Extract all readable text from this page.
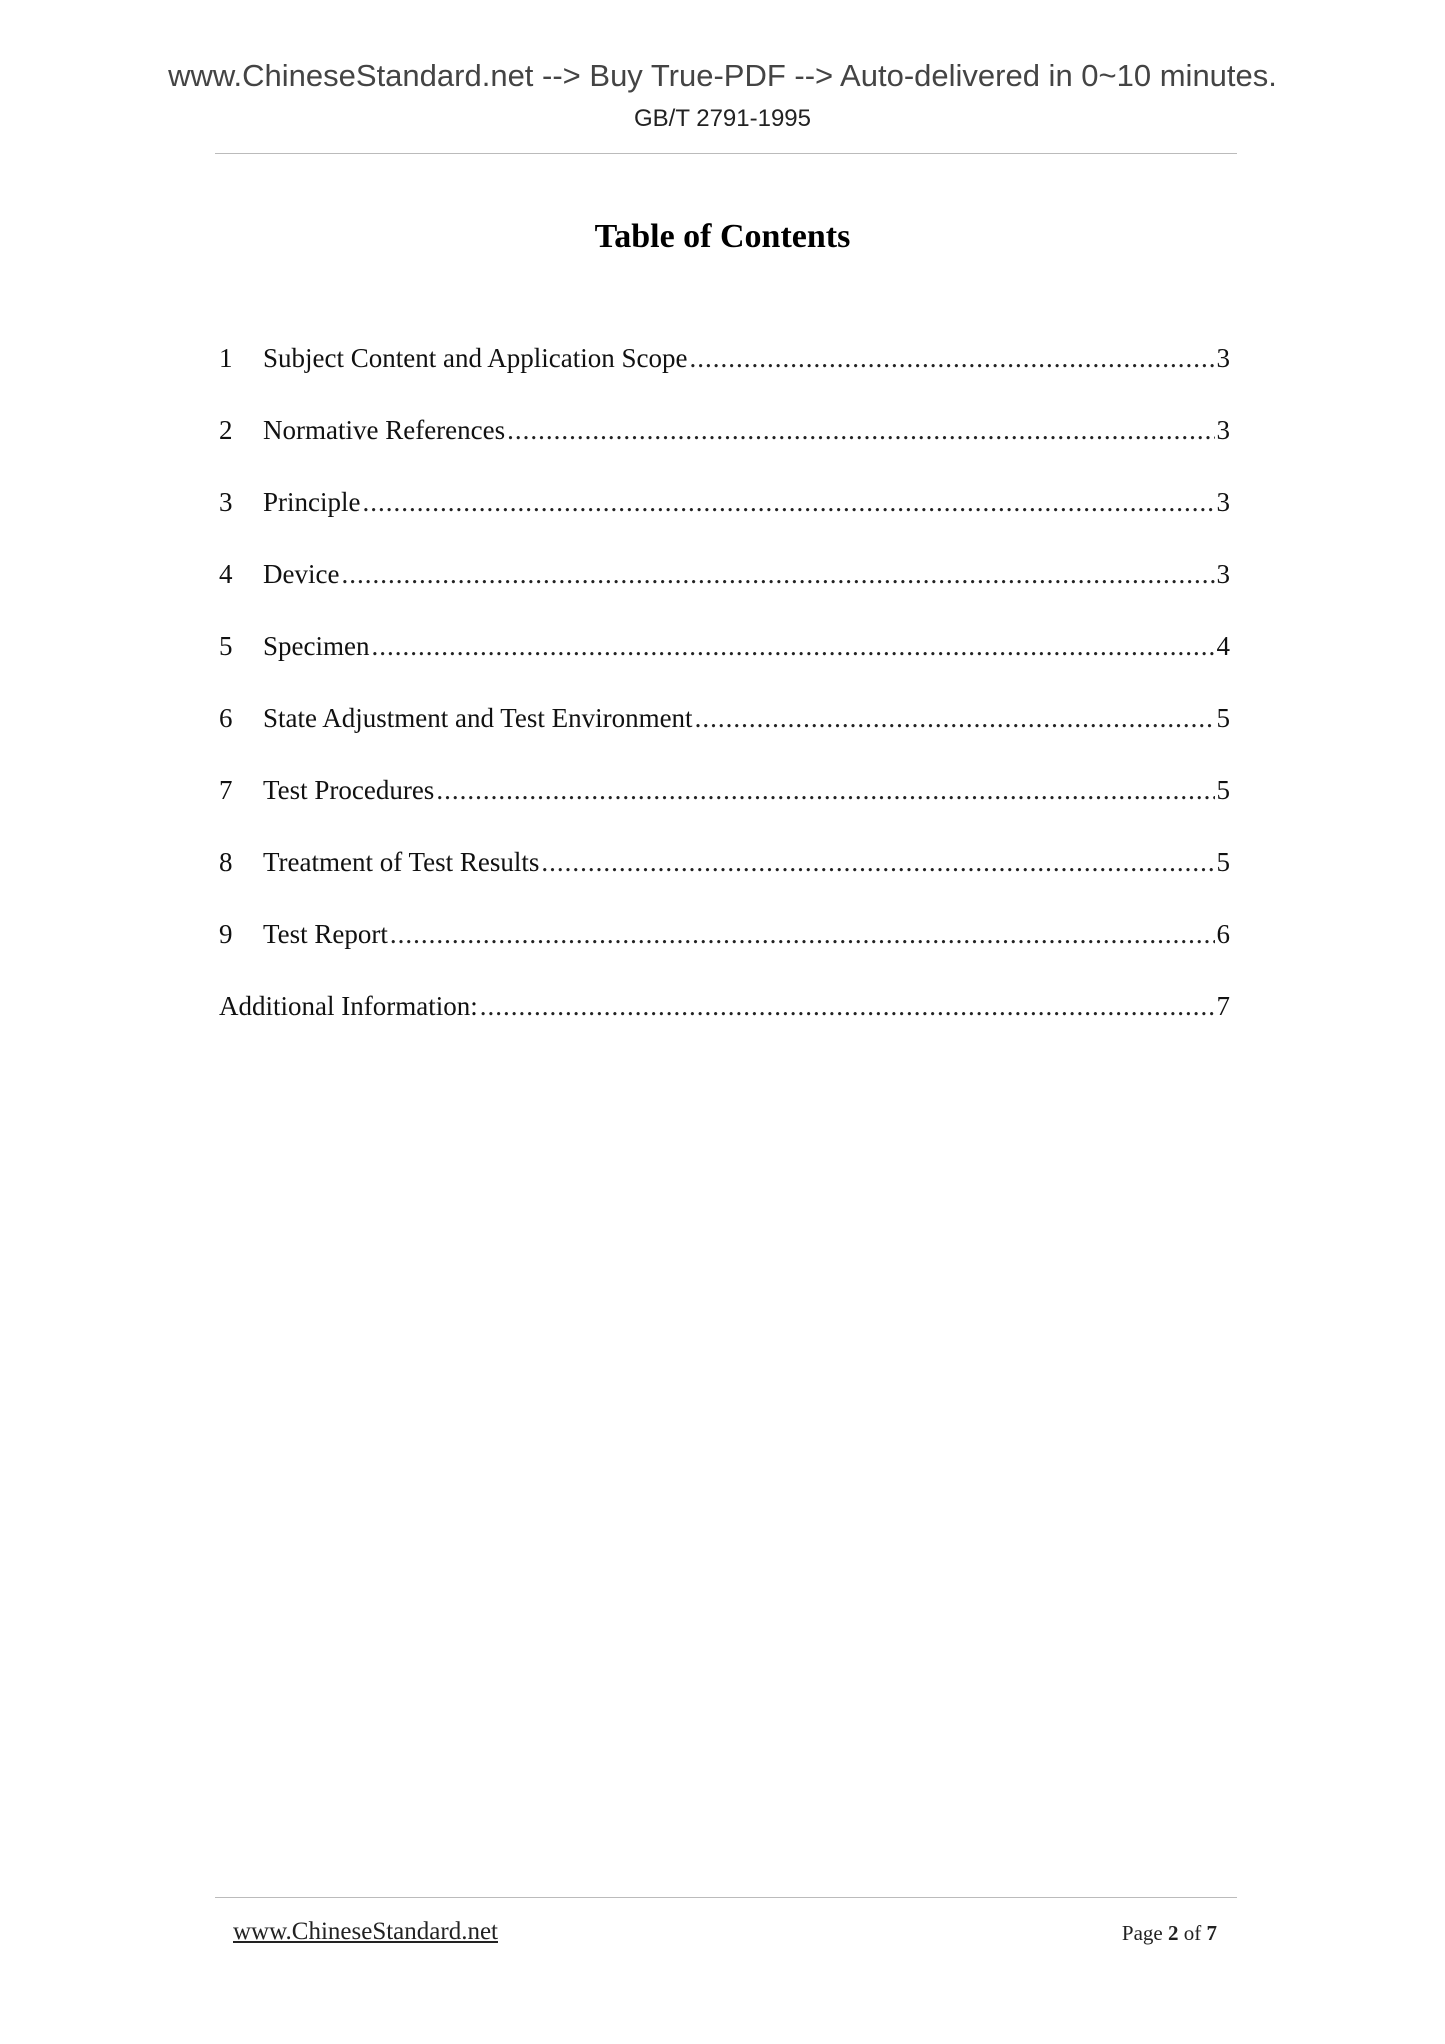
www.ChineseStandard.net --> Buy True-PDF --> Auto-delivered in 0~10 minutes.
GB/T 2791-1995
Table of Contents
1	Subject Content and Application Scope .....	3
2	Normative References .....	3
3	Principle .....	3
4	Device .....	3
5	Specimen .....	4
6	State Adjustment and Test Environment .....	5
7	Test Procedures .....	5
8	Treatment of Test Results .....	5
9	Test Report .....	6
Additional Information: .....	7
www.ChineseStandard.net	Page 2 of 7
